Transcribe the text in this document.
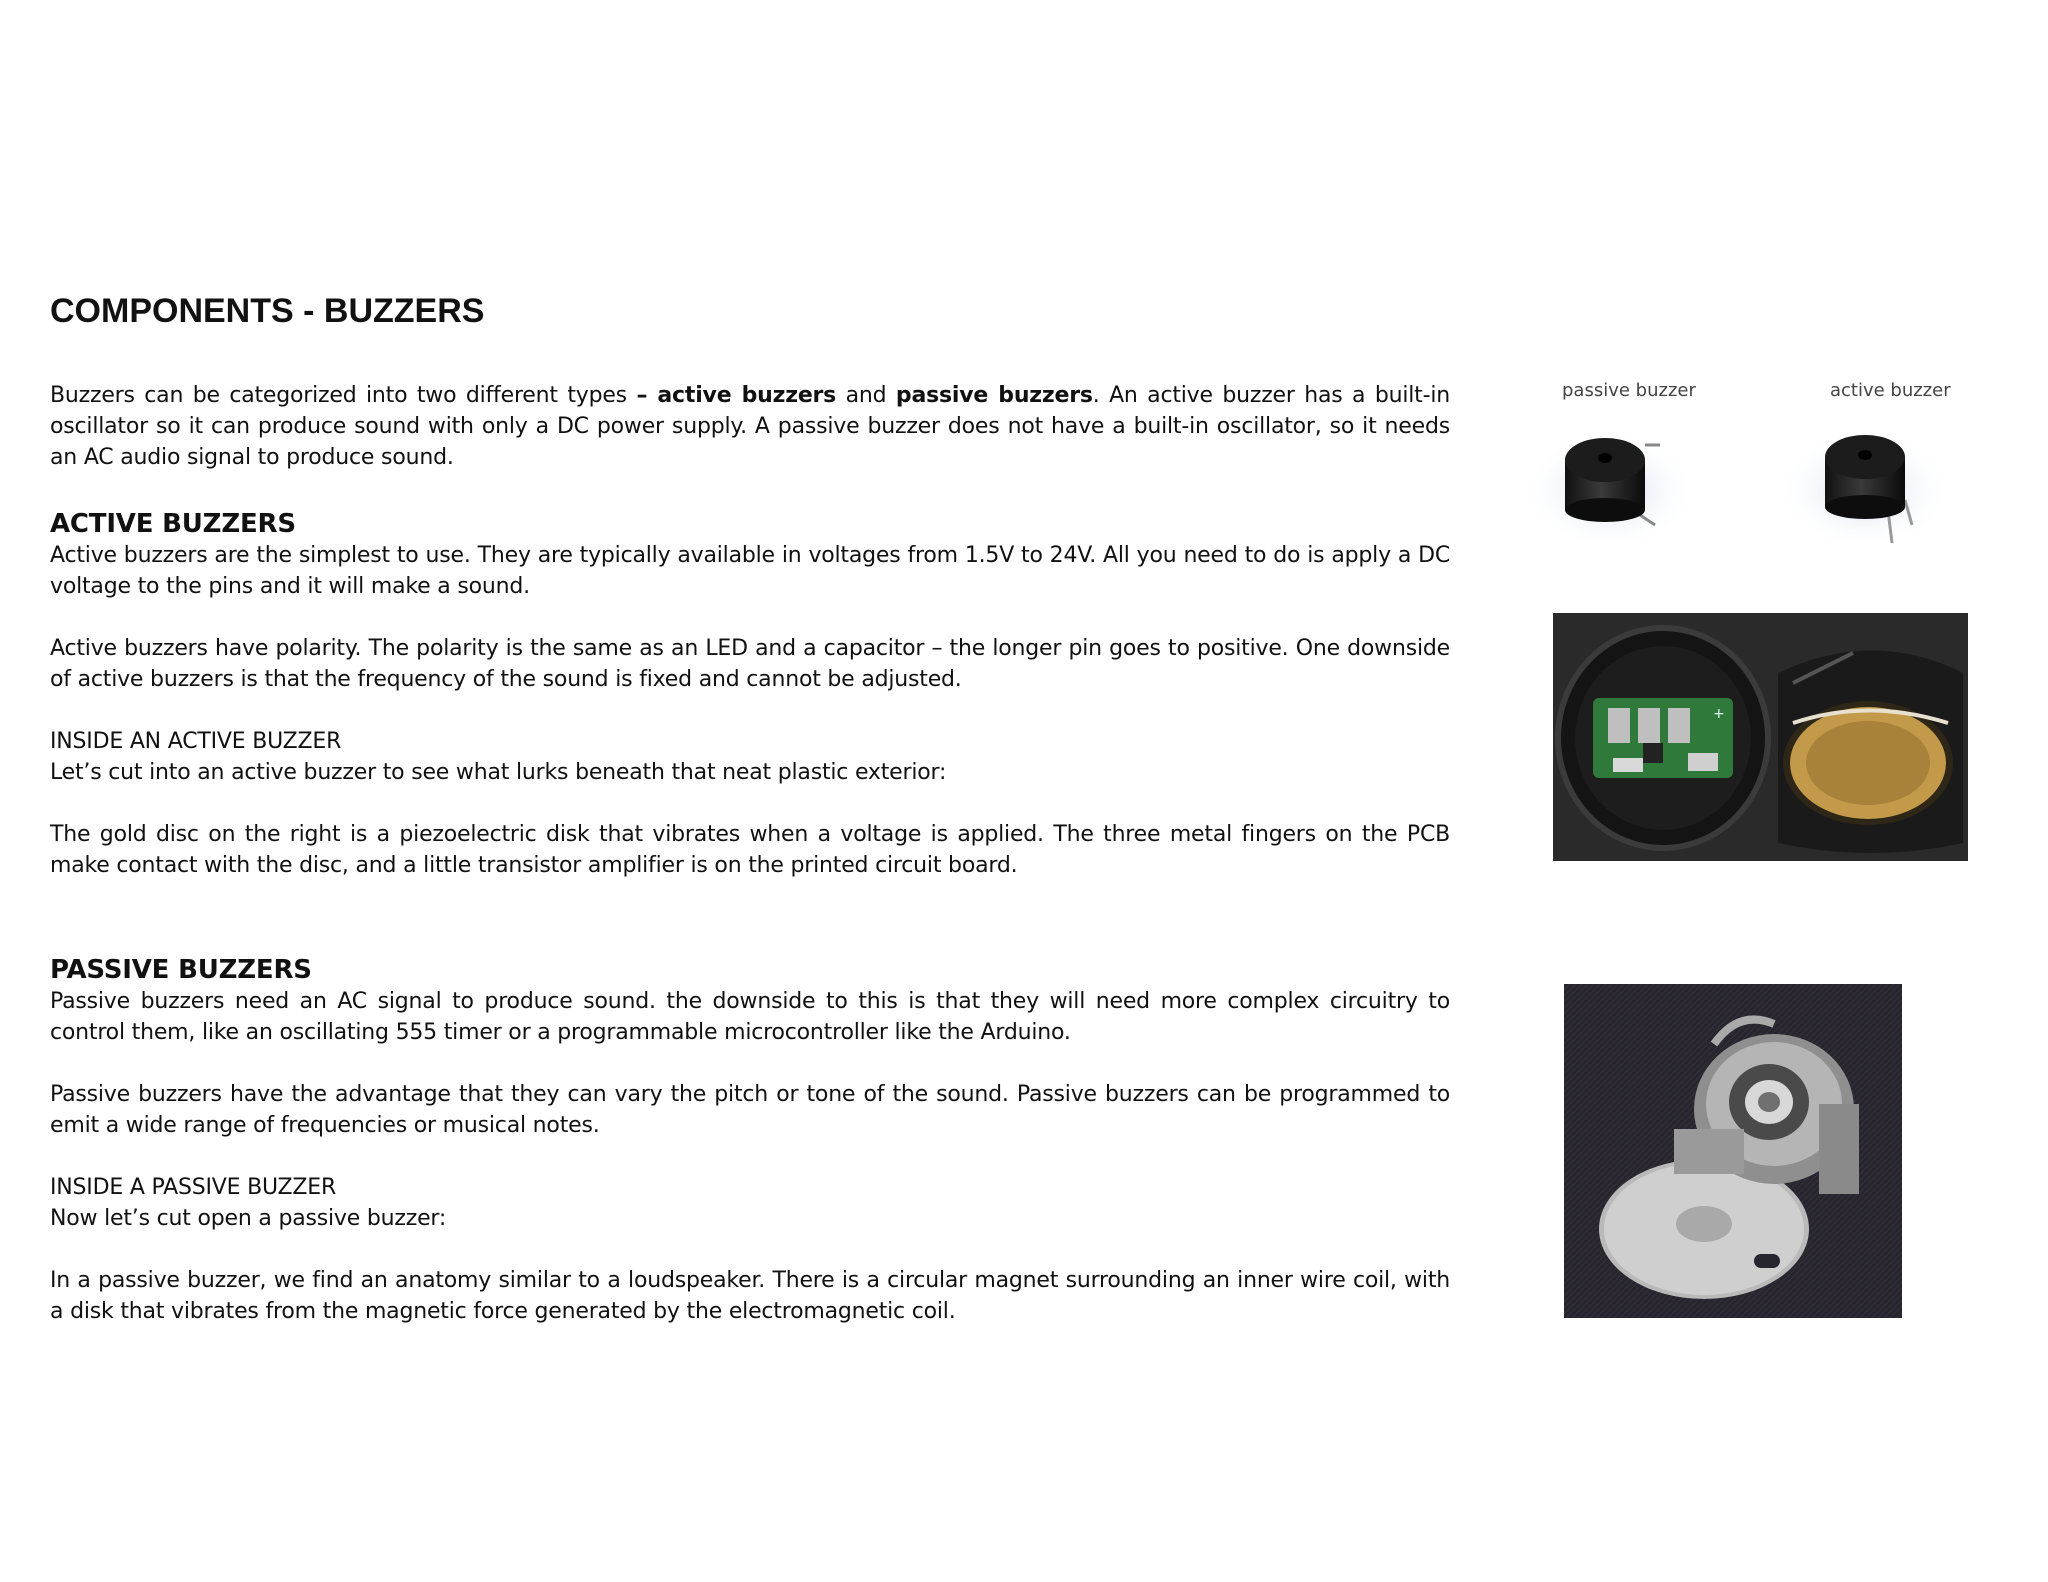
COMPONENTS - BUZZERS

Buzzers can be categorized into two different types – active buzzers and passive buzzers. An active buzzer has a built-in oscillator so it can produce sound with only a DC power supply. A passive buzzer does not have a built-in oscillator, so it needs an AC audio signal to produce sound.

ACTIVE BUZZERS

Active buzzers are the simplest to use. They are typically available in voltages from 1.5V to 24V. All you need to do is apply a DC voltage to the pins and it will make a sound.

Active buzzers have polarity. The polarity is the same as an LED and a capacitor – the longer pin goes to positive. One downside of active buzzers is that the frequency of the sound is fixed and cannot be adjusted.

INSIDE AN ACTIVE BUZZER

Let’s cut into an active buzzer to see what lurks beneath that neat plastic exterior:

The gold disc on the right is a piezoelectric disk that vibrates when a voltage is applied. The three metal fingers on the PCB make contact with the disc, and a little transistor amplifier is on the printed circuit board.

PASSIVE BUZZERS

Passive buzzers need an AC signal to produce sound. the downside to this is that they will need more complex circuitry to control them, like an oscillating 555 timer or a programmable microcontroller like the Arduino.

Passive buzzers have the advantage that they can vary the pitch or tone of the sound. Passive buzzers can be programmed to emit a wide range of frequencies or musical notes.

INSIDE A PASSIVE BUZZER

Now let’s cut open a passive buzzer:

In a passive buzzer, we find an anatomy similar to a loudspeaker. There is a circular magnet surrounding an inner wire coil, with a disk that vibrates from the magnetic force generated by the electromagnetic coil.

passive buzzer	active buzzer
+
